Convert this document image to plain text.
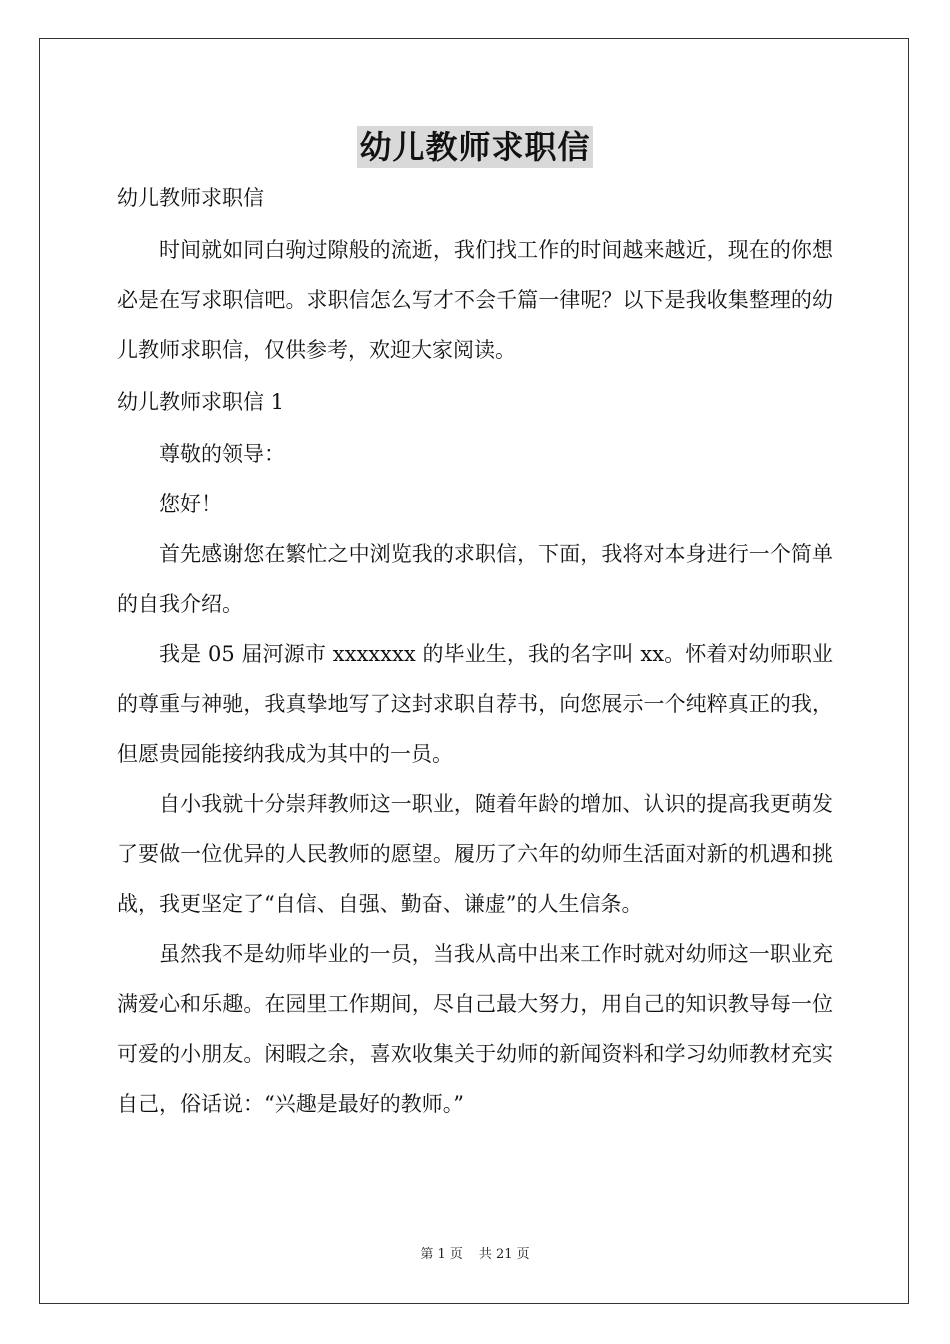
幼儿教师求职信

幼儿教师求职信

时间就如同白驹过隙般的流逝，我们找工作的时间越来越近，现在的你想必是在写求职信吧。求职信怎么写才不会千篇一律呢？以下是我收集整理的幼儿教师求职信，仅供参考，欢迎大家阅读。

幼儿教师求职信 1

尊敬的领导：

您好！

首先感谢您在繁忙之中浏览我的求职信，下面，我将对本身进行一个简单的自我介绍。

我是 05 届河源市 xxxxxxx 的毕业生，我的名字叫 xx。怀着对幼师职业的尊重与神驰，我真挚地写了这封求职自荐书，向您展示一个纯粹真正的我，但愿贵园能接纳我成为其中的一员。

自小我就十分崇拜教师这一职业，随着年龄的增加、认识的提高我更萌发了要做一位优异的人民教师的愿望。履历了六年的幼师生活面对新的机遇和挑战，我更坚定了“自信、自强、勤奋、谦虚”的人生信条。

虽然我不是幼师毕业的一员，当我从高中出来工作时就对幼师这一职业充满爱心和乐趣。在园里工作期间，尽自己最大努力，用自己的知识教导每一位可爱的小朋友。闲暇之余，喜欢收集关于幼师的新闻资料和学习幼师教材充实自己，俗话说：“兴趣是最好的教师。”

第 1 页 共 21 页
